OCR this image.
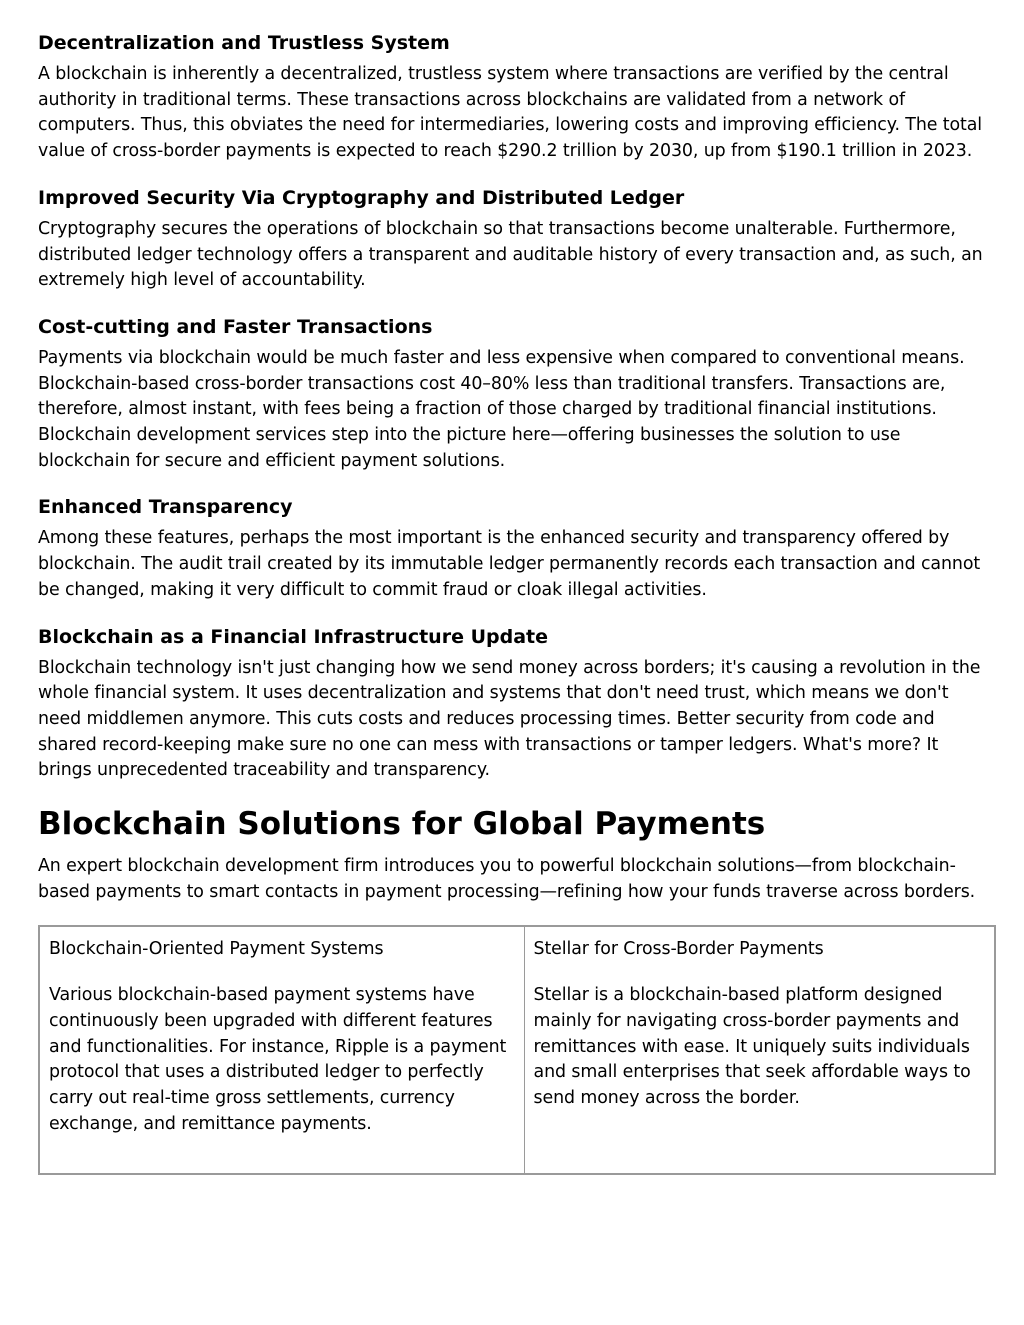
Decentralization and Trustless System

A blockchain is inherently a decentralized, trustless system where transactions are verified by the central authority in traditional terms. These transactions across blockchains are validated from a network of computers. Thus, this obviates the need for intermediaries, lowering costs and improving efficiency. The total value of cross-border payments is expected to reach $290.2 trillion by 2030, up from $190.1 trillion in 2023.

Improved Security Via Cryptography and Distributed Ledger

Cryptography secures the operations of blockchain so that transactions become unalterable. Furthermore, distributed ledger technology offers a transparent and auditable history of every transaction and, as such, an extremely high level of accountability.

Cost-cutting and Faster Transactions

Payments via blockchain would be much faster and less expensive when compared to conventional means. Blockchain-based cross-border transactions cost 40–80% less than traditional transfers. Transactions are, therefore, almost instant, with fees being a fraction of those charged by traditional financial institutions. Blockchain development services step into the picture here—offering businesses the solution to use blockchain for secure and efficient payment solutions.

Enhanced Transparency

Among these features, perhaps the most important is the enhanced security and transparency offered by blockchain. The audit trail created by its immutable ledger permanently records each transaction and cannot be changed, making it very difficult to commit fraud or cloak illegal activities.

Blockchain as a Financial Infrastructure Update

Blockchain technology isn't just changing how we send money across borders; it's causing a revolution in the whole financial system. It uses decentralization and systems that don't need trust, which means we don't need middlemen anymore. This cuts costs and reduces processing times. Better security from code and shared record-keeping make sure no one can mess with transactions or tamper ledgers. What's more? It brings unprecedented traceability and transparency.

Blockchain Solutions for Global Payments

An expert blockchain development firm introduces you to powerful blockchain solutions—from blockchain-based payments to smart contacts in payment processing—refining how your funds traverse across borders.

Blockchain-Oriented Payment Systems
Various blockchain-based payment systems have continuously been upgraded with different features and functionalities. For instance, Ripple is a payment protocol that uses a distributed ledger to perfectly carry out real-time gross settlements, currency exchange, and remittance payments.

Stellar for Cross-Border Payments
Stellar is a blockchain-based platform designed mainly for navigating cross-border payments and remittances with ease. It uniquely suits individuals and small enterprises that seek affordable ways to send money across the border.
